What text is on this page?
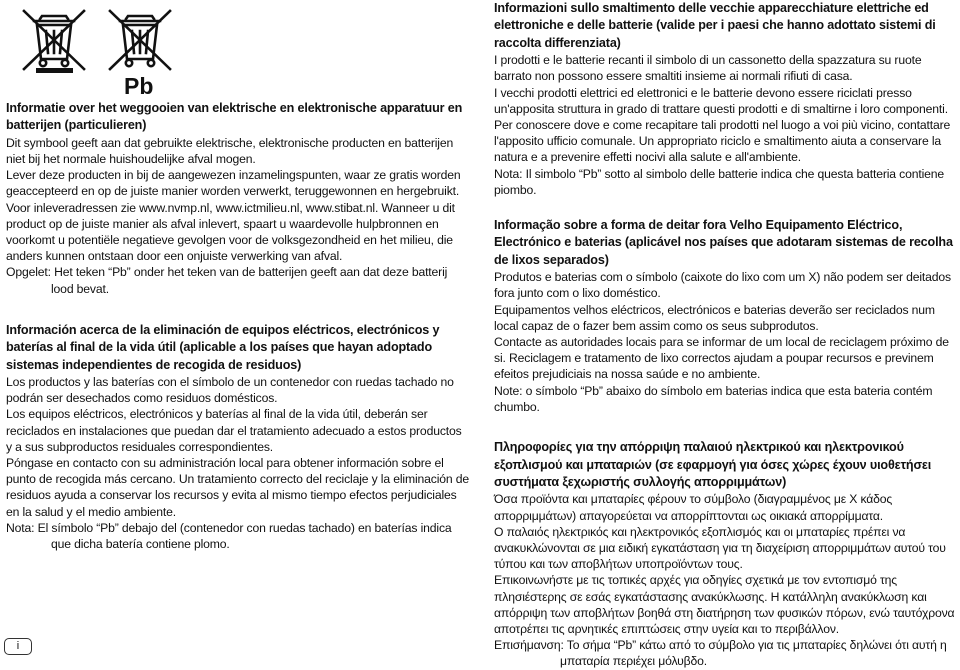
Pb

Informatie over het weggooien van elektrische en elektronische apparatuur en batterijen (particulieren)

Dit symbool geeft aan dat gebruikte elektrische, elektronische producten en batterijen niet bij het normale huishoudelijke afval mogen.

Lever deze producten in bij de aangewezen inzamelingspunten, waar ze gratis worden geaccepteerd en op de juiste manier worden verwerkt, teruggewonnen en hergebruikt.

Voor inleveradressen zie www.nvmp.nl, www.ictmilieu.nl, www.stibat.nl. Wanneer u dit product op de juiste manier als afval inlevert, spaart u waardevolle hulpbronnen en voorkomt u potentiële negatieve gevolgen voor de volksgezondheid en het milieu, die anders kunnen ontstaan door een onjuiste verwerking van afval.

Opgelet: Het teken “Pb” onder het teken van de batterijen geeft aan dat deze batterij lood bevat.

Información acerca de la eliminación de equipos eléctricos, electrónicos y baterías al final de la vida útil (aplicable a los países que hayan adoptado sistemas independientes de recogida de residuos)

Los productos y las baterías con el símbolo de un contenedor con ruedas tachado no podrán ser desechados como residuos domésticos.

Los equipos eléctricos, electrónicos y baterías al final de la vida útil, deberán ser reciclados en instalaciones que puedan dar el tratamiento adecuado a estos productos y a sus subproductos residuales correspondientes.

Póngase en contacto con su administración local para obtener información sobre el punto de recogida más cercano. Un tratamiento correcto del reciclaje y la eliminación de residuos ayuda a conservar los recursos y evita al mismo tiempo efectos perjudiciales en la salud y el medio ambiente.

Nota: El símbolo “Pb” debajo del (contenedor con ruedas tachado) en baterías indica que dicha batería contiene plomo.

Informazioni sullo smaltimento delle vecchie apparecchiature elettriche ed elettroniche e delle batterie (valide per i paesi che hanno adottato sistemi di raccolta differenziata)

I prodotti e le batterie recanti il simbolo di un cassonetto della spazzatura su ruote barrato non possono essere smaltiti insieme ai normali rifiuti di casa.

I vecchi prodotti elettrici ed elettronici e le batterie devono essere riciclati presso un'apposita struttura in grado di trattare questi prodotti e di smaltirne i loro componenti.

Per conoscere dove e come recapitare tali prodotti nel luogo a voi più vicino, contattare l'apposito ufficio comunale. Un appropriato riciclo e smaltimento aiuta a conservare la natura e a prevenire effetti nocivi alla salute e all'ambiente.

Nota: Il simbolo “Pb” sotto al simbolo delle batterie indica che questa batteria contiene piombo.

Informação sobre a forma de deitar fora Velho Equipamento Eléctrico, Electrónico e baterias (aplicável nos países que adotaram sistemas de recolha de lixos separados)

Produtos e baterias com o símbolo (caixote do lixo com um X) não podem ser deitados fora junto com o lixo doméstico.

Equipamentos velhos eléctricos, electrónicos e baterias deverão ser reciclados num local capaz de o fazer bem assim como os seus subprodutos.

Contacte as autoridades locais para se informar de um local de reciclagem próximo de si. Reciclagem e tratamento de lixo correctos ajudam a poupar recursos e previnem efeitos prejudiciais na nossa saúde e no ambiente.

Note: o símbolo “Pb” abaixo do símbolo em baterias indica que esta bateria contém chumbo.

Πληροφορίες για την απόρριψη παλαιού ηλεκτρικού και ηλεκτρονικού εξοπλισμού και μπαταριών (σε εφαρμογή για όσες χώρες έχουν υιοθετήσει συστήματα ξεχωριστής συλλογής απορριμμάτων)

Όσα προϊόντα και μπαταρίες φέρουν το σύμβολο (διαγραμμένος με Χ κάδος απορριμμάτων) απαγορεύεται να απορρίπτονται ως οικιακά απορρίμματα.

Ο παλαιός ηλεκτρικός και ηλεκτρονικός εξοπλισμός και οι μπαταρίες πρέπει να ανακυκλώνονται σε μια ειδική εγκατάσταση για τη διαχείριση απορριμμάτων αυτού του τύπου και των αποβλήτων υποπροϊόντων τους.

Επικοινωνήστε με τις τοπικές αρχές για οδηγίες σχετικά με τον εντοπισμό της πλησιέστερης σε εσάς εγκατάστασης ανακύκλωσης. Η κατάλληλη ανακύκλωση και απόρριψη των αποβλήτων βοηθά στη διατήρηση των φυσικών πόρων, ενώ ταυτόχρονα αποτρέπει τις αρνητικές επιπτώσεις στην υγεία και το περιβάλλον.

Επισήμανση: Το σήμα “Pb” κάτω από το σύμβολο για τις μπαταρίες δηλώνει ότι αυτή η μπαταρία περιέχει μόλυβδο.

i
